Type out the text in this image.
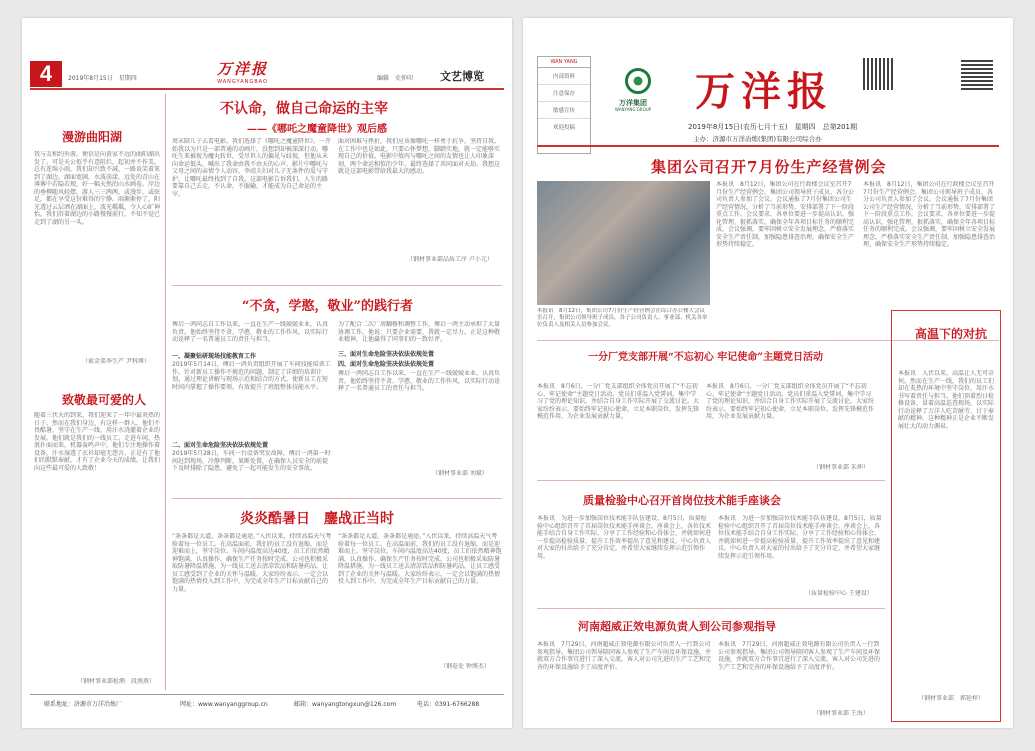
4	2019年8月15日　星期四
万洋报
WANGYANGBAO	编辑　史仲印 文艺博览
漫游曲阳湖
我与友相约外游，便信是向黄家不远的曲阳湖出发了。可是天公似乎有意阻拦，起初并不作美，总有连绵小雨，我们却兴致不减，一路说笑着来到了湖边。湖面宽阔，水波荡漾，远处的青山在薄雾中若隐若现，好一幅天然的山水画卷。岸边的垂柳随风轻摆，游人三三两两，或漫步，或驻足，都在享受这份难得的宁静。雨渐渐停了，阳光透过云层洒在湖面上，波光粼粼，令人心旷神怡。我们沿着湖边的小路慢慢前行，不知不觉已走到了湖的另一头。
（索金菜季生产 尹科博）
致敬最可爱的人
随着三伏天的到来，我们迎来了一年中最炎热的日子。然而在我们身边，有这样一群人，他们不畏酷暑，坚守在生产一线，用汗水浇灌着企业的发展。他们就是我们的一线员工。走进车间，热浪扑面而来，机器轰鸣声中，他们专注地操作着设备，汗水湿透了衣衫却毫无怨言。正是有了他们的默默奉献，才有了企业今天的成绩。让我们向这些最可爱的人致敬！
（钢材事业部检测　段燕燕）
不认命，做自己命运的主宰
——《哪吒之魔童降世》观后感
周末陪儿子去看电影，我们选择了《哪吒之魔童降世》。一开始我以为只是一部普通的动画片，没想到却被深深打动。哪吒生来被视为魔丸转世，受尽世人的偏见与歧视，但他从未向命运低头，喊出了我命由我不由天的心声。影片中哪吒与父母之间的亲情令人动容，李靖夫妇对儿子无条件的爱与守护，让哪吒最终找到了自我。这部电影告诉我们，人生的路要靠自己去走，不认命，不服输，才能成为自己命运的主宰。
面对困难与挫折，我们应该像哪吒一样勇于抗争，坚持自我。在工作中也是如此，只要心怀梦想，脚踏实地，就一定能够实现自己的价值。电影中敖丙与哪吒之间的友情也让人印象深刻，两个命运相似的少年，最终选择了共同面对天劫。我想这就是这部电影带给我最大的感动。
（钢材事业部品质工序 卢小元）
“不贪，学憨，敬业”的践行者
傅启一鸿同志自工作以来，一直在生产一线兢兢业业，认真负责。他始终坚持不贪、学憨、敬业的工作作风，以实际行动诠释了一名普通员工的责任与担当。
一、凝聚钻研现场技能教育工作
2019年5月14日，傅启一鸿负责组织开展了车间技能培训工作，针对新员工操作不规范的问题，制定了详细的培训计划。通过理论讲解与现场示范相结合的方式，使新员工在短时间内掌握了操作要领，有效提升了班组整体技能水平。
二、面对生命危险坚决依法依规处置
2019年5月28日，车间一台设备突发故障，傅启一鸿第一时间赶到现场，冷静判断，果断处置，在确保人员安全的前提下及时排除了隐患，避免了一起可能发生的安全事故。
三、面对生命危险坚决依法依规处置
为了配合二次厂房翻修和调整工作，傅启一鸿主动承担了大量协调工作，他说：只要企业需要，我就一定尽力。正是这种敬业精神，让他赢得了同事们的一致好评。
四、面对生命危险坚决依法依规处置
傅启一鸿同志自工作以来，一直在生产一线兢兢业业，认真负责。他始终坚持不贪、学憨、敬业的工作作风，以实际行动诠释了一名普通员工的责任与担当。
（钢材事业部 刘斌）
炎炎酷暑日　鏖战正当时
“条条都是大道，条条都是通途。”入伏以来，持续高温天气考验着每一位员工。在高温面前，我们的员工没有退缩，而是迎难而上，坚守岗位。车间内温度高达40度，员工们依然精神饱满，认真操作，确保生产任务按时完成。公司也积极采取防暑降温措施，为一线员工送去清凉饮品和防暑药品，让员工感受到了企业的关怀与温暖。大家纷纷表示，一定会以饱满的热情投入到工作中，为完成全年生产目标贡献自己的力量。
“条条都是大道，条条都是通途。”入伏以来，持续高温天气考验着每一位员工。在高温面前，我们的员工没有退缩，而是迎难而上，坚守岗位。车间内温度高达40度，员工们依然精神饱满，认真操作，确保生产任务按时完成。公司也积极采取防暑降温措施，为一线员工送去清凉饮品和防暑药品，让员工感受到了企业的关怀与温暖。大家纷纷表示，一定会以饱满的热情投入到工作中，为完成全年生产目标贡献自己的力量。
（钢卷处 钟博杰）
联系地址：济源市万洋冶炼厂	网址：www.wanyanggroup.cn	邮箱：wanyangtongxun@126.com	电话：0391-6766288
WAN YANG
内部资料
注意保存
敏感宣传
欢迎投稿
万洋集团
WANYANG GROUP 万洋报
2019年8月15日(农历七月十五)　星期四　总第201期
主办：济源市万洋冶炼(集团)有限公司综合办
集团公司召开7月份生产经营例会
本报讯　8月12日，集团公司7月份生产经营例会在综合办公楼大会议室召开，集团公司领导班子成员、各子公司负责人、事业部、机关各单位负责人及相关人员参加会议。
本报讯　8月12日，集团公司在行政楼会议室召开7月份生产经营例会，集团公司领导班子成员、各分公司负责人参加了会议。会议通报了7月份集团公司生产经营情况，分析了当前形势，安排部署了下一阶段重点工作。会议要求，各单位要进一步提高认识，强化管理，狠抓落实，确保全年各项目标任务的顺利完成。会议强调，要牢固树立安全发展理念，严格落实安全生产责任制，加强隐患排查治理，确保安全生产形势持续稳定。
本报讯　8月12日，集团公司在行政楼会议室召开7月份生产经营例会，集团公司领导班子成员、各分公司负责人参加了会议。会议通报了7月份集团公司生产经营情况，分析了当前形势，安排部署了下一阶段重点工作。会议要求，各单位要进一步提高认识，强化管理，狠抓落实，确保全年各项目标任务的顺利完成。会议强调，要牢固树立安全发展理念，严格落实安全生产责任制，加强隐患排查治理，确保安全生产形势持续稳定。
一分厂党支部开展“不忘初心 牢记使命”主题党日活动
本报讯　8月6日，一分厂党支部组织全体党员开展了“不忘初心、牢记使命”主题党日活动。党员们重温入党誓词，集中学习了党的理论知识，并结合自身工作实际开展了交流讨论。大家纷纷表示，要始终牢记初心使命，立足本职岗位，发挥先锋模范作用，为企业发展贡献力量。
本报讯　8月6日，一分厂党支部组织全体党员开展了“不忘初心、牢记使命”主题党日活动。党员们重温入党誓词，集中学习了党的理论知识，并结合自身工作实际开展了交流讨论。大家纷纷表示，要始终牢记初心使命，立足本职岗位，发挥先锋模范作用，为企业发展贡献力量。
（钢材事业部 朱坤）
高温下的对抗
本报讯　入伏以来，高温让人无可奈何。然而在生产一线，我们的员工们却在炙热的环境中坚守岗位，用汗水书写着责任与担当。他们顶着烈日检修设备，冒着高温巡查现场，以实际行动诠释了万洋人吃苦耐劳、甘于奉献的精神。这种精神正是企业不断发展壮大的动力源泉。
（钢材事业部　郭延梓）
质量检验中心召开首岗位技术能手座谈会
本报讯　为进一步加强岗位技术能手队伍建设，8月5日，质量检验中心组织召开了首届岗位技术能手座谈会。座谈会上，各位技术能手结合自身工作实际，分享了工作经验和心得体会，并就如何进一步提高检验质量、提升工作效率提出了意见和建议。中心负责人对大家的付出给予了充分肯定，并希望大家继续发挥示范引领作用。
本报讯　为进一步加强岗位技术能手队伍建设，8月5日，质量检验中心组织召开了首届岗位技术能手座谈会。座谈会上，各位技术能手结合自身工作实际，分享了工作经验和心得体会，并就如何进一步提高检验质量、提升工作效率提出了意见和建议。中心负责人对大家的付出给予了充分肯定，并希望大家继续发挥示范引领作用。
（质量检验中心 王建设）
河南超威正效电源负责人到公司参观指导
本报讯　7月29日，河南超威正效电源有限公司负责人一行到公司参观指导。集团公司领导陪同客人参观了生产车间及环保设施，并就双方合作事宜进行了深入交流。客人对公司先进的生产工艺和完善的环保设施给予了高度评价。
本报讯　7月29日，河南超威正效电源有限公司负责人一行到公司参观指导。集团公司领导陪同客人参观了生产车间及环保设施，并就双方合作事宜进行了深入交流。客人对公司先进的生产工艺和完善的环保设施给予了高度评价。
（钢材事业部 王海）
